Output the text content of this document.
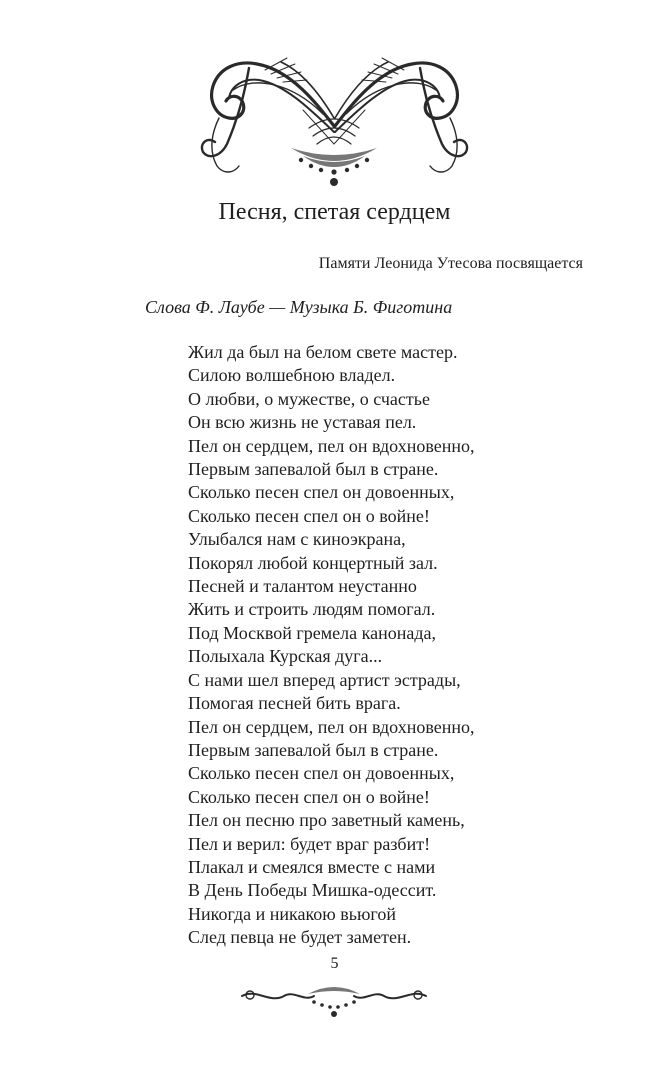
Песня, спетая сердцем
Памяти Леонида Утесова посвящается
Слова Ф. Лаубе — Музыка Б. Фиготина
Жил да был на белом свете мастер.
Силою волшебною владел.
О любви, о мужестве, о счастье
Он всю жизнь не уставая пел.
Пел он сердцем, пел он вдохновенно,
Первым запевалой был в стране.
Сколько песен спел он довоенных,
Сколько песен спел он о войне!
Улыбался нам с киноэкрана,
Покорял любой концертный зал.
Песней и талантом неустанно
Жить и строить людям помогал.
Под Москвой гремела канонада,
Полыхала Курская дуга...
С нами шел вперед артист эстрады,
Помогая песней бить врага.
Пел он сердцем, пел он вдохновенно,
Первым запевалой был в стране.
Сколько песен спел он довоенных,
Сколько песен спел он о войне!
Пел он песню про заветный камень,
Пел и верил: будет враг разбит!
Плакал и смеялся вместе с нами
В День Победы Мишка-одессит.
Никогда и никакою вьюгой
След певца не будет заметен.
5
